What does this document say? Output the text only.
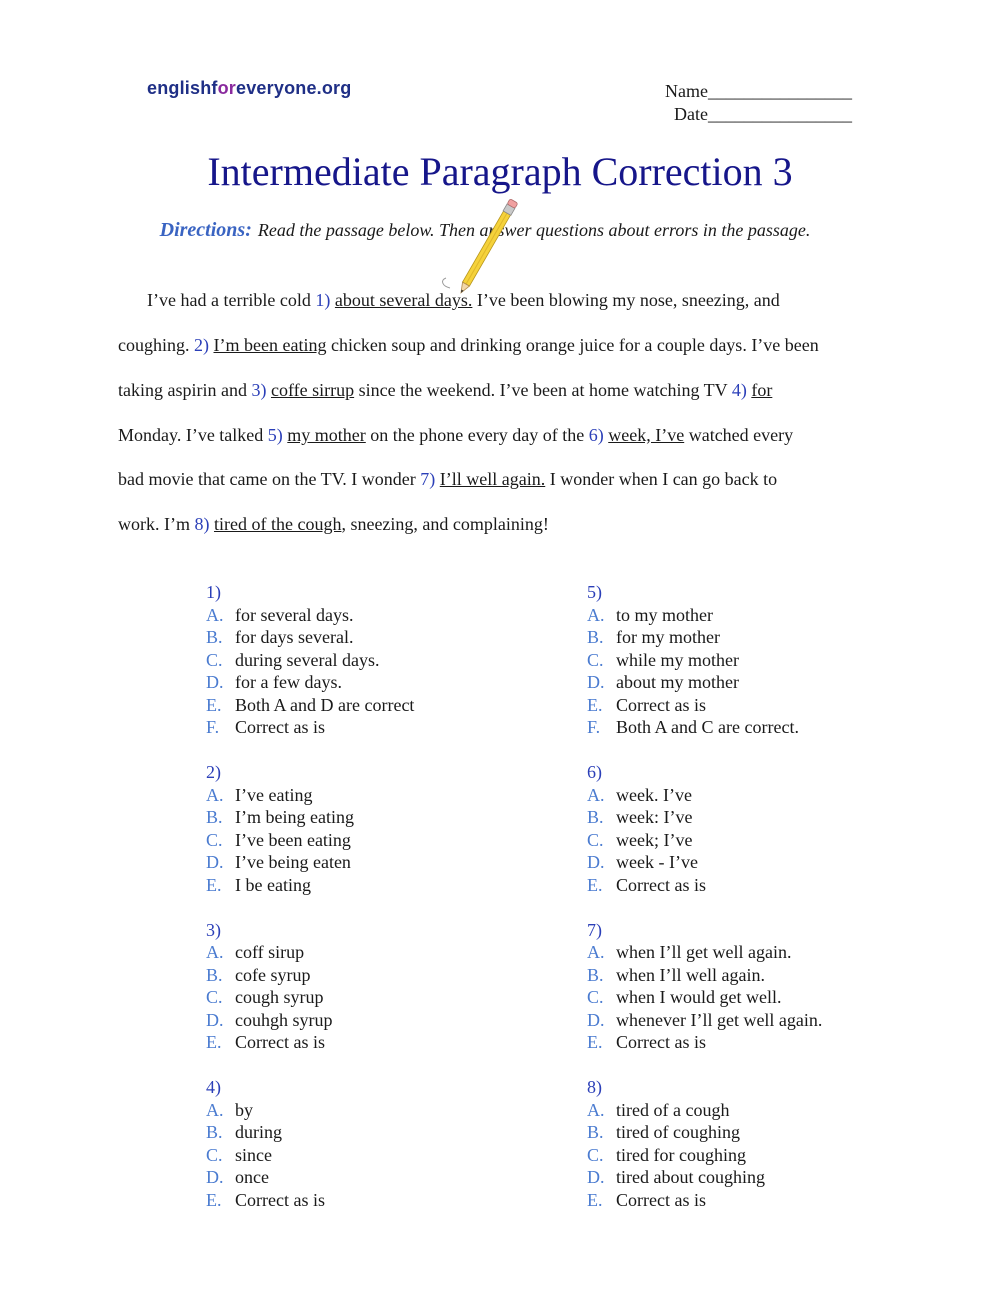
englishforeveryone.org	Name________________
Date________________
Intermediate Paragraph Correction 3

Directions: Read the passage below. Then answer questions about errors in the passage.

I’ve had a terrible cold 1) about several days. I’ve been blowing my nose, sneezing, and
coughing. 2) I’m been eating chicken soup and drinking orange juice for a couple days. I’ve been
taking aspirin and 3) coffe sirrup since the weekend. I’ve been at home watching TV 4) for
Monday. I’ve talked 5) my mother on the phone every day of the 6) week, I’ve watched every
bad movie that came on the TV. I wonder 7) I’ll well again. I wonder when I can go back to
work. I’m 8) tired of the cough, sneezing, and complaining!
1)
A. for several days.
B. for days several.
C. during several days.
D. for a few days.
E. Both A and D are correct
F. Correct as is
2)
A. I’ve eating
B. I’m being eating
C. I’ve been eating
D. I’ve being eaten
E. I be eating
3)
A. coff sirup
B. cofe syrup
C. cough syrup
D. couhgh syrup
E. Correct as is
4)
A. by
B. during
C. since
D. once
E. Correct as is
5)
A. to my mother
B. for my mother
C. while my mother
D. about my mother
E. Correct as is
F. Both A and C are correct.
6)
A. week. I’ve
B. week: I’ve
C. week; I’ve
D. week - I’ve
E. Correct as is
7)
A. when I’ll get well again.
B. when I’ll well again.
C. when I would get well.
D. whenever I’ll get well again.
E. Correct as is
8)
A. tired of a cough
B. tired of coughing
C. tired for coughing
D. tired about coughing
E. Correct as is
